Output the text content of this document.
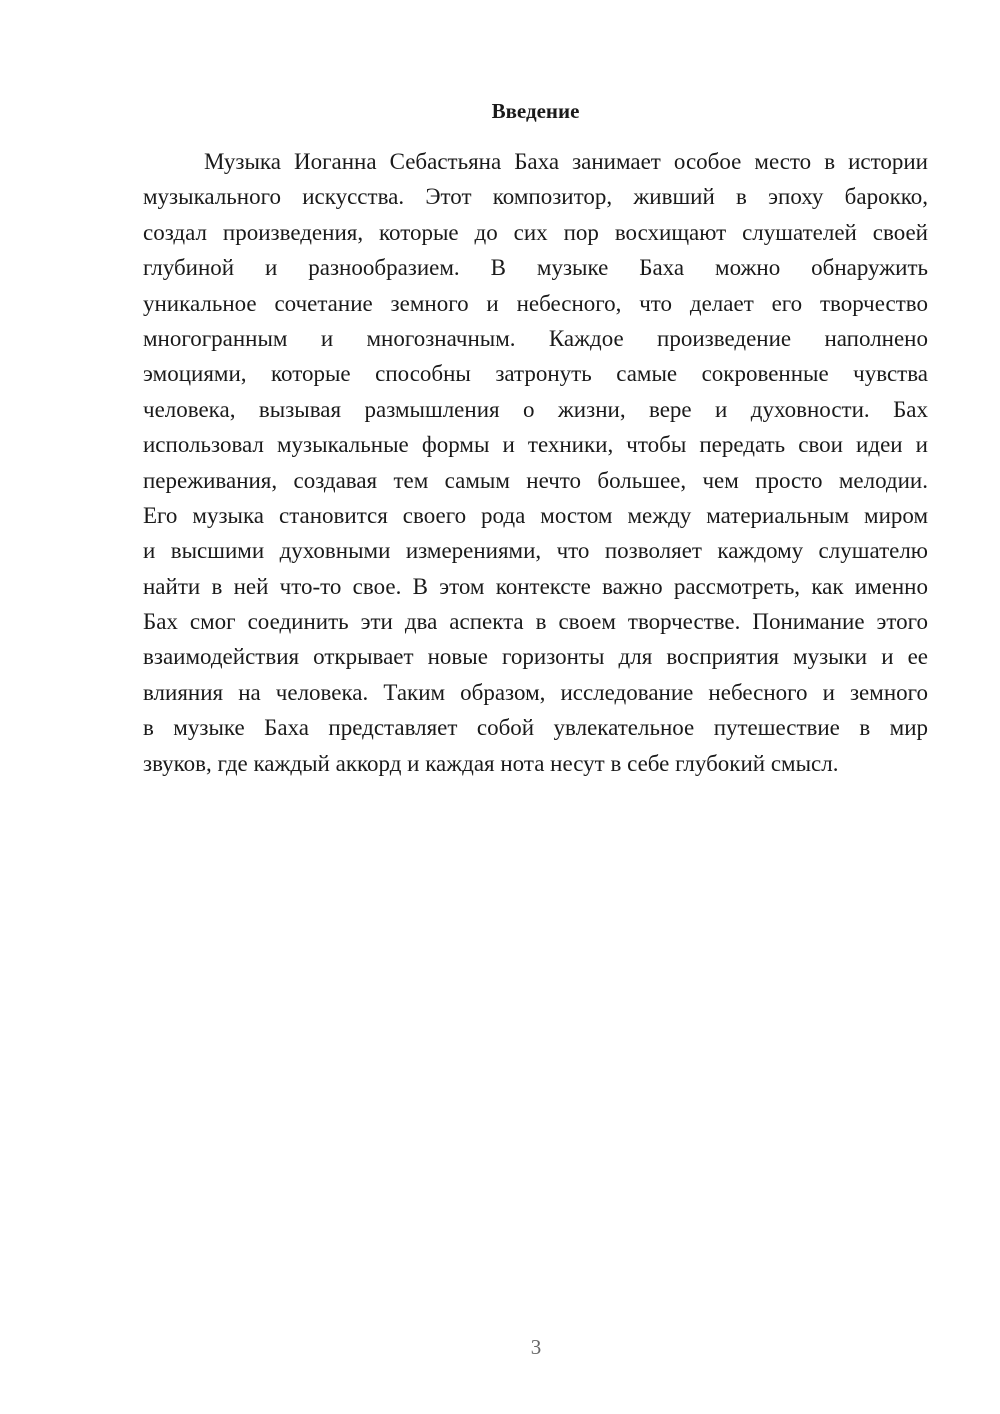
Введение
Музыка Иоганна Себастьяна Баха занимает особое место в истории
музыкального искусства. Этот композитор, живший в эпоху барокко,
создал произведения, которые до сих пор восхищают слушателей своей
глубиной и разнообразием. В музыке Баха можно обнаружить
уникальное сочетание земного и небесного, что делает его творчество
многогранным и многозначным. Каждое произведение наполнено
эмоциями, которые способны затронуть самые сокровенные чувства
человека, вызывая размышления о жизни, вере и духовности. Бах
использовал музыкальные формы и техники, чтобы передать свои идеи и
переживания, создавая тем самым нечто большее, чем просто мелодии.
Его музыка становится своего рода мостом между материальным миром
и высшими духовными измерениями, что позволяет каждому слушателю
найти в ней что-то свое. В этом контексте важно рассмотреть, как именно
Бах смог соединить эти два аспекта в своем творчестве. Понимание этого
взаимодействия открывает новые горизонты для восприятия музыки и ее
влияния на человека. Таким образом, исследование небесного и земного
в музыке Баха представляет собой увлекательное путешествие в мир
звуков, где каждый аккорд и каждая нота несут в себе глубокий смысл.
3
